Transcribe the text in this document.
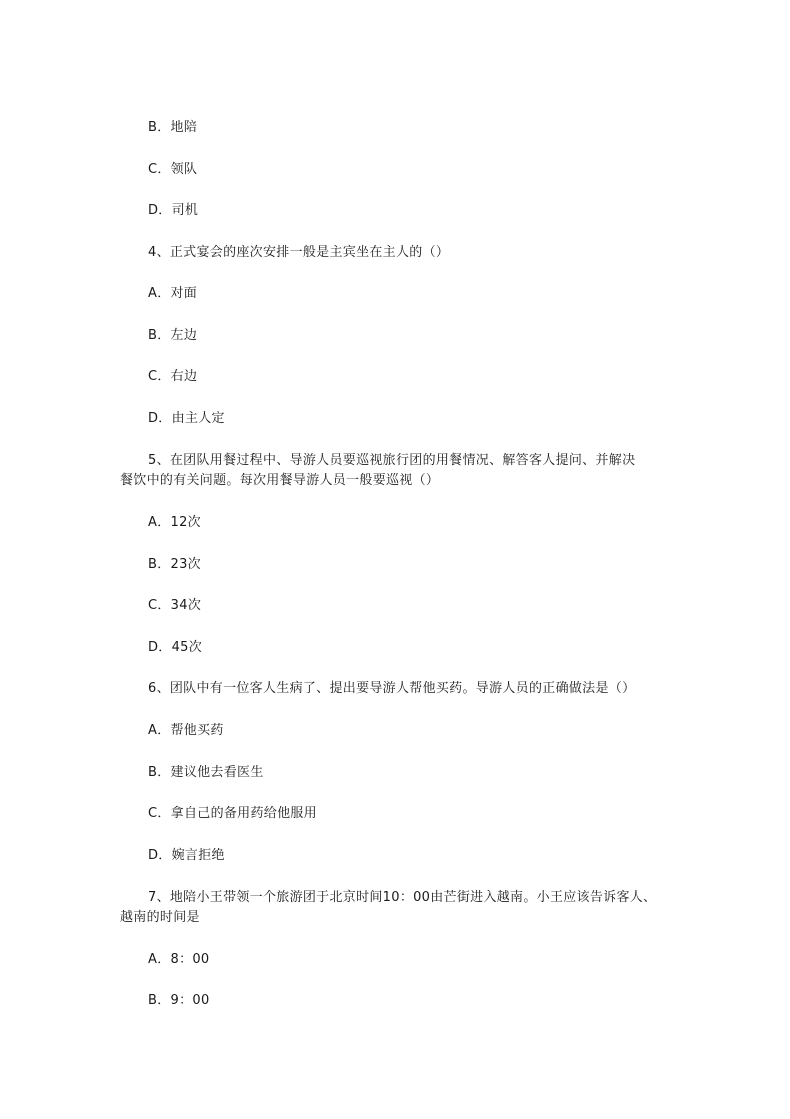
B．地陪
C．领队
D．司机
4、正式宴会的座次安排一般是主宾坐在主人的（）
A．对面
B．左边
C．右边
D．由主人定
5、在团队用餐过程中、导游人员要巡视旅行团的用餐情况、解答客人提问、并解决
餐饮中的有关问题。每次用餐导游人员一般要巡视（）
A．12次
B．23次
C．34次
D．45次
6、团队中有一位客人生病了、提出要导游人帮他买药。导游人员的正确做法是（）
A．帮他买药
B．建议他去看医生
C．拿自己的备用药给他服用
D．婉言拒绝
7、地陪小王带领一个旅游团于北京时间10：00由芒街进入越南。小王应该告诉客人、
越南的时间是
A．8：00
B．9：00
